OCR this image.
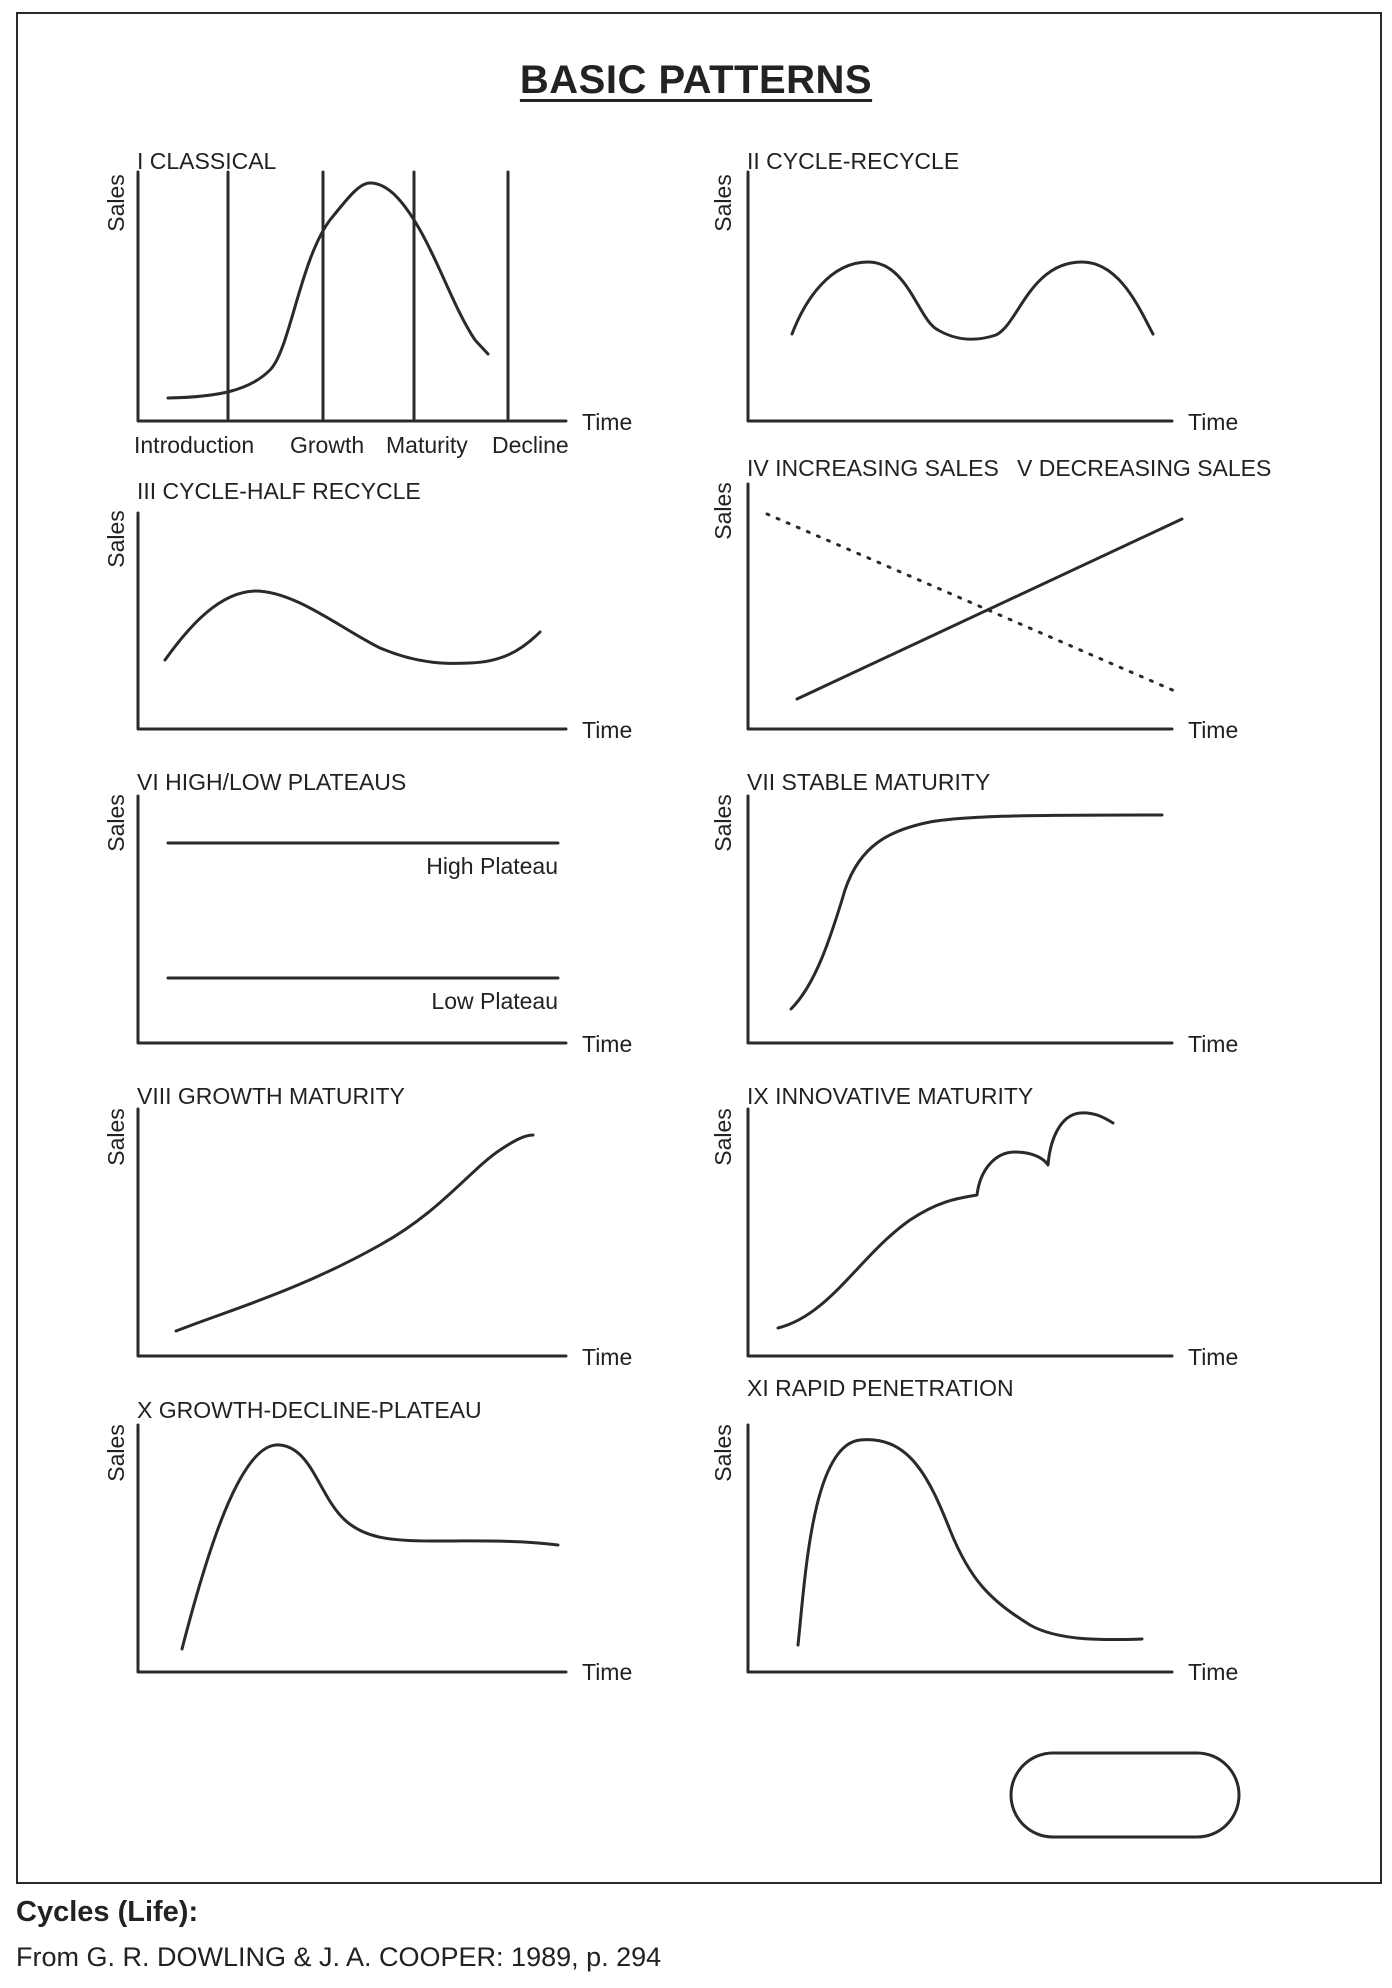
BASIC PATTERNS
I CLASSICAL
Sales
Time
Introduction Growth Maturity Decline
II CYCLE-RECYCLE
Sales
Time
III CYCLE-HALF RECYCLE
Sales
Time
IV INCREASING SALES V DECREASING SALES
Sales
Time
VI HIGH/LOW PLATEAUS
Sales
High Plateau
Low Plateau
Time
VII STABLE MATURITY
Sales
Time
VIII GROWTH MATURITY
Sales
Time
IX INNOVATIVE MATURITY
Sales
Time
X GROWTH-DECLINE-PLATEAU
Sales
Time
XI RAPID PENETRATION
Sales
Time
Cycles (Life):
From G. R. DOWLING & J. A. COOPER: 1989, p. 294
